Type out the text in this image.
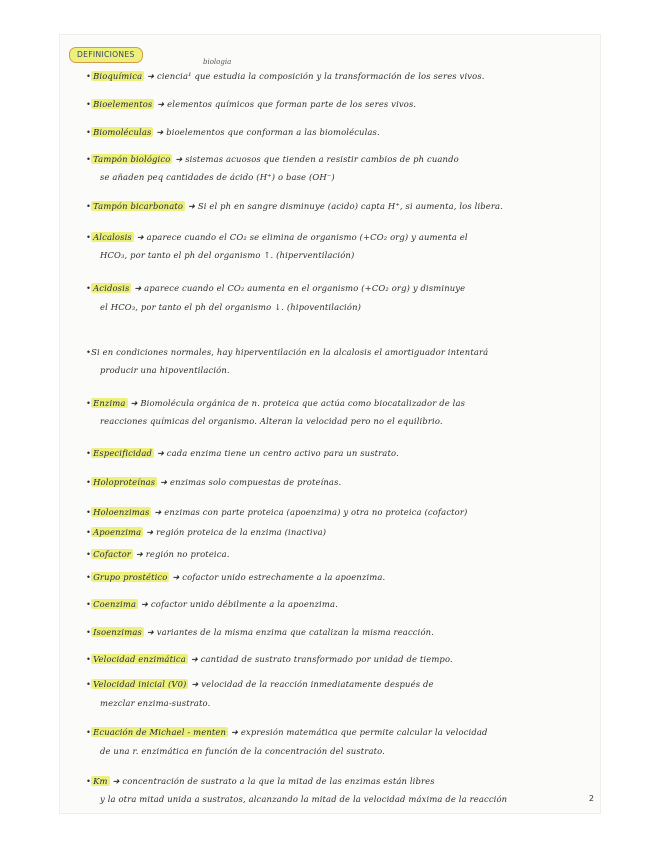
DEFINICIONES
biologia
• Bioquímica ➜ ciencia¹ que estudia la composición y la transformación de los seres vivos.
• Bioelementos ➜ elementos químicos que forman parte de los seres vivos.
• Biomoléculas ➜ bioelementos que conforman a las biomoléculas.
• Tampón biológico ➜ sistemas acuosos que tienden a resistir cambios de ph cuando
se añaden peq cantidades de ácido (H⁺) o base (OH⁻)
• Tampón bicarbonato ➜ Si el ph en sangre disminuye (acido) capta H⁺, si aumenta, los libera.
• Alcalosis ➜ aparece cuando el CO₂ se elimina de organismo (+CO₂ org) y aumenta el
HCO₃, por tanto el ph del organismo ↑. (hiperventilación)
• Acidosis ➜ aparece cuando el CO₂ aumenta en el organismo (+CO₂ org) y disminuye
el HCO₃, por tanto el ph del organismo ↓. (hipoventilación)
•Si en condiciones normales, hay hiperventilación en la alcalosis el amortiguador intentará
producir una hipoventilación.
• Enzima ➜ Biomolécula orgánica de n. proteica que actúa como biocatalizador de las
reacciones químicas del organismo. Alteran la velocidad pero no el equilibrio.
• Especificidad ➜ cada enzima tiene un centro activo para un sustrato.
• Holoproteínas ➜ enzimas solo compuestas de proteínas.
• Holoenzimas ➜ enzimas con parte proteica (apoenzima) y otra no proteica (cofactor)
• Apoenzima ➜ región proteica de la enzima (inactiva)
• Cofactor ➜ región no proteica.
• Grupo prostético ➜ cofactor unido estrechamente a la apoenzima.
• Coenzima ➜ cofactor unido débilmente a la apoenzima.
• Isoenzimas ➜ variantes de la misma enzima que catalizan la misma reacción.
• Velocidad enzimática ➜ cantidad de sustrato transformado por unidad de tiempo.
• Velocidad inicial (V0) ➜ velocidad de la reacción inmediatamente después de
mezclar enzima-sustrato.
• Ecuación de Michael - menten ➜ expresión matemática que permite calcular la velocidad
de una r. enzimática en función de la concentración del sustrato.
• Km ➜ concentración de sustrato a la que la mitad de las enzimas están libres
y la otra mitad unida a sustratos, alcanzando la mitad de la velocidad máxima de la reacción	2
